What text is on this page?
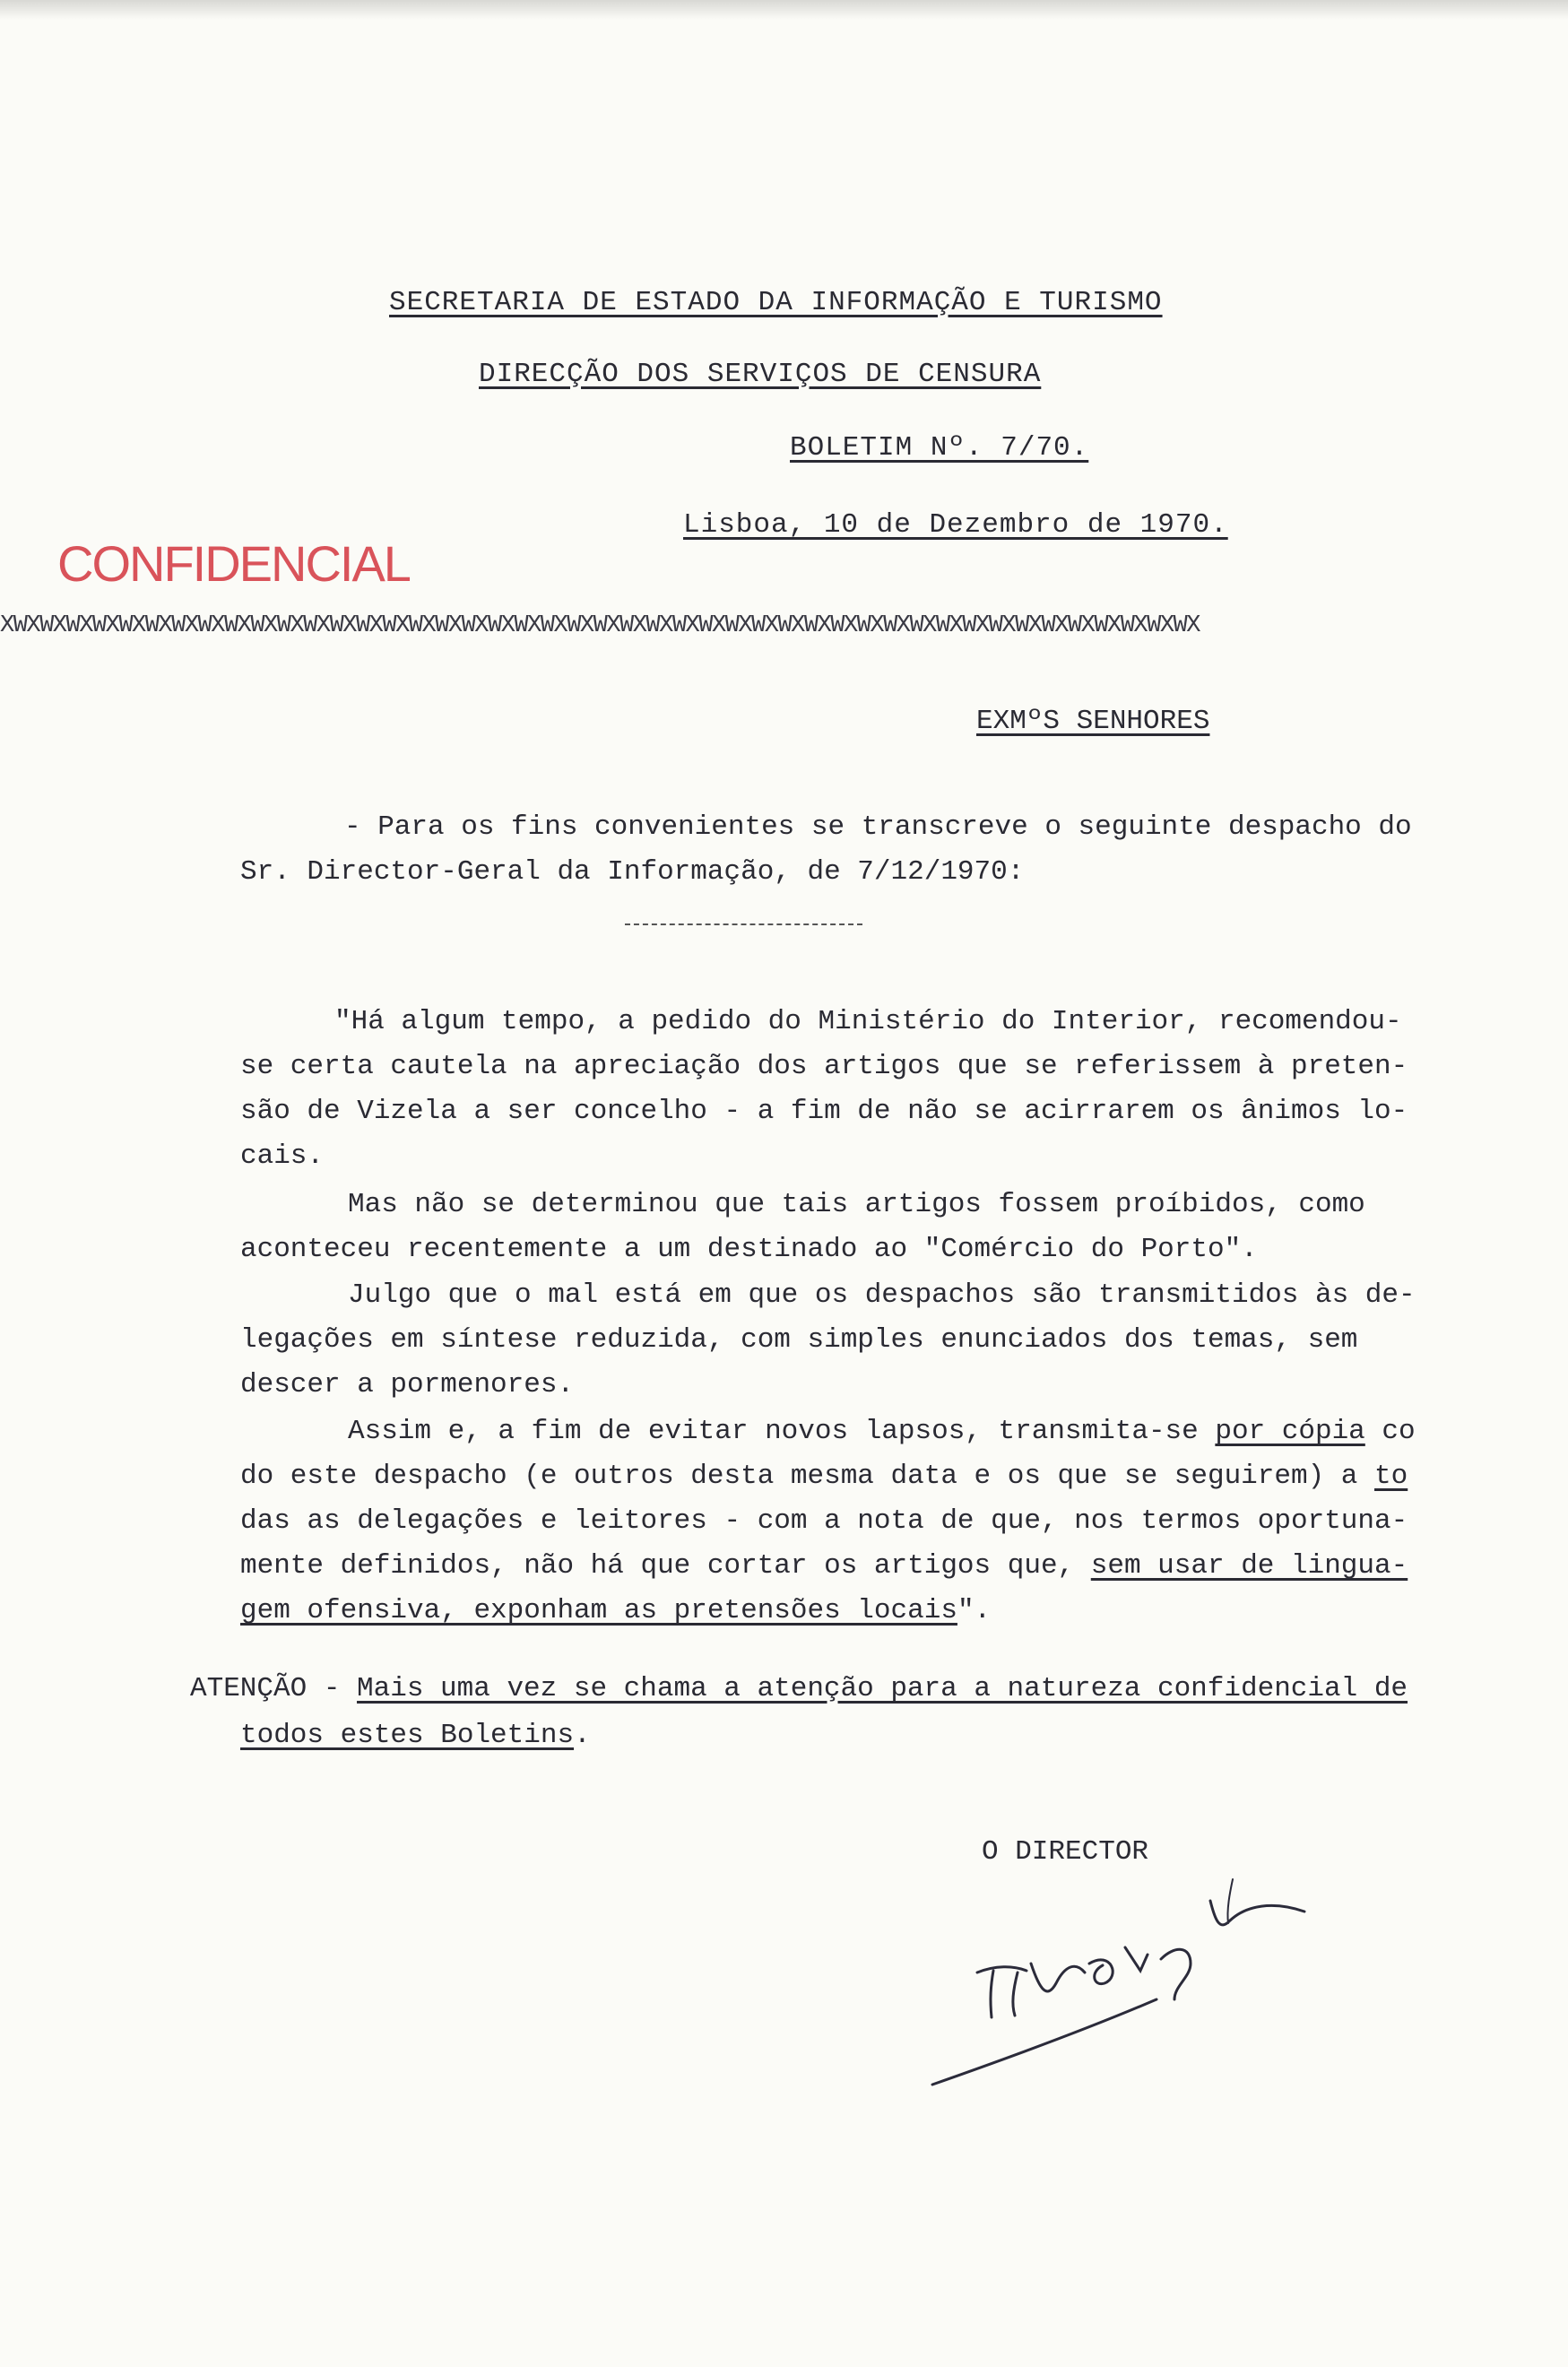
SECRETARIA DE ESTADO DA INFORMAÇÃO E TURISMO
DIRECÇÃO DOS SERVIÇOS DE CENSURA
BOLETIM Nº. 7/70.
Lisboa, 10 de Dezembro de 1970.
CONFIDENCIAL
XWXWXWXWXWXWXWXWXWXWXWXWXWXWXWXWXWXWXWXWXWXWXWXWXWXWXWXWXWXWXWXWXWXWXWXWXWXWXWXWXWXWXWXWXWX
EXMºS SENHORES
- Para os fins convenientes se transcreve o seguinte despacho do
Sr. Director-Geral da Informação, de 7/12/1970:
"Há algum tempo, a pedido do Ministério do Interior, recomendou-
se certa cautela na apreciação dos artigos que se referissem à preten-
são de Vizela a ser concelho - a fim de não se acirrarem os ânimos lo-
cais.
Mas não se determinou que tais artigos fossem proíbidos, como
aconteceu recentemente a um destinado ao "Comércio do Porto".
Julgo que o mal está em que os despachos são transmitidos às de-
legações em síntese reduzida, com simples enunciados dos temas, sem
descer a pormenores.
Assim e, a fim de evitar novos lapsos, transmita-se por cópia co
do este despacho (e outros desta mesma data e os que se seguirem) a to
das as delegações e leitores - com a nota de que, nos termos oportuna-
mente definidos, não há que cortar os artigos que, sem usar de lingua-
gem ofensiva, exponham as pretensões locais".
ATENÇÃO - Mais uma vez se chama a atenção para a natureza confidencial de
todos estes Boletins.
O DIRECTOR
